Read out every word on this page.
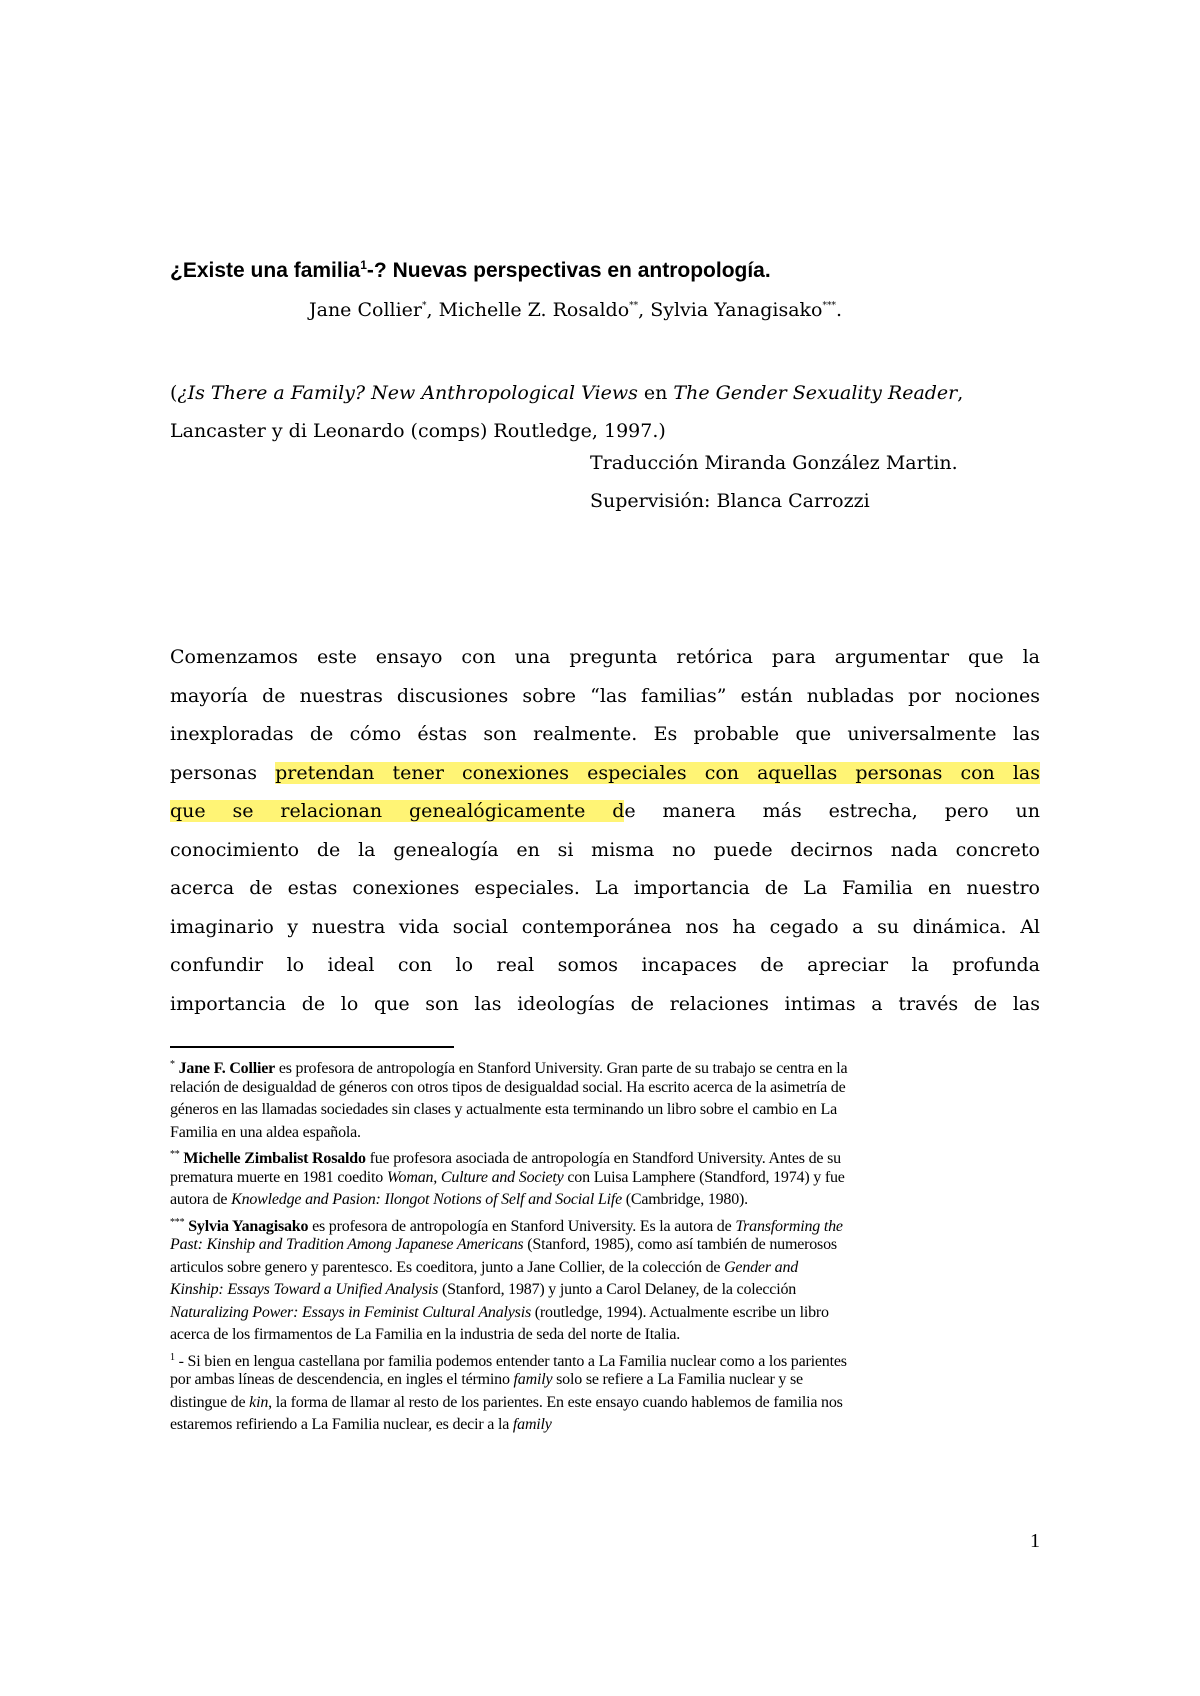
¿Existe una familia$^1$-? Nuevas perspectivas en antropología.
Jane Collier*, Michelle Z. Rosaldo**, Sylvia Yanagisako***.
(¿Is There a Family? New Anthropological Views en The Gender Sexuality Reader,
Lancaster y di Leonardo (comps) Routledge, 1997.)
Traducción Miranda González Martin.
Supervisión: Blanca Carrozzi
Comenzamos este ensayo con una pregunta retórica para argumentar que la
mayoría de nuestras discusiones sobre “las familias” están nubladas por nociones
inexploradas de cómo éstas son realmente. Es probable que universalmente las
personas pretendan tener conexiones especiales con aquellas personas con las
que se relacionan genealógicamente de manera más estrecha, pero un
conocimiento de la genealogía en si misma no puede decirnos nada concreto
acerca de estas conexiones especiales. La importancia de La Familia en nuestro
imaginario y nuestra vida social contemporánea nos ha cegado a su dinámica. Al
confundir lo ideal con lo real somos incapaces de apreciar la profunda
importancia de lo que son las ideologías de relaciones intimas a través de las
* Jane F. Collier es profesora de antropología en Stanford University. Gran parte de su trabajo se centra en la
relación de desigualdad de géneros con otros tipos de desigualdad social. Ha escrito acerca de la asimetría de
géneros en las llamadas sociedades sin clases y actualmente esta terminando un libro sobre el cambio en La
Familia en una aldea española.
** Michelle Zimbalist Rosaldo fue profesora asociada de antropología en Standford University. Antes de su
prematura muerte en 1981 coedito Woman, Culture and Society con Luisa Lamphere (Standford, 1974) y fue
autora de Knowledge and Pasion: Ilongot Notions of Self and Social Life (Cambridge, 1980).
*** Sylvia Yanagisako es profesora de antropología en Stanford University. Es la autora de Transforming the
Past: Kinship and Tradition Among Japanese Americans (Stanford, 1985), como así también de numerosos
articulos sobre genero y parentesco. Es coeditora, junto a Jane Collier, de la colección de Gender and
Kinship: Essays Toward a Unified Analysis (Stanford, 1987) y junto a Carol Delaney, de la colección
Naturalizing Power: Essays in Feminist Cultural Analysis (routledge, 1994). Actualmente escribe un libro
acerca de los firmamentos de La Familia en la industria de seda del norte de Italia.
$^1$ - Si bien en lengua castellana por familia podemos entender tanto a La Familia nuclear como a los parientes
por ambas líneas de descendencia, en ingles el término family solo se refiere a La Familia nuclear y se
distingue de kin, la forma de llamar al resto de los parientes. En este ensayo cuando hablemos de familia nos
estaremos refiriendo a La Familia nuclear, es decir a la family
1
